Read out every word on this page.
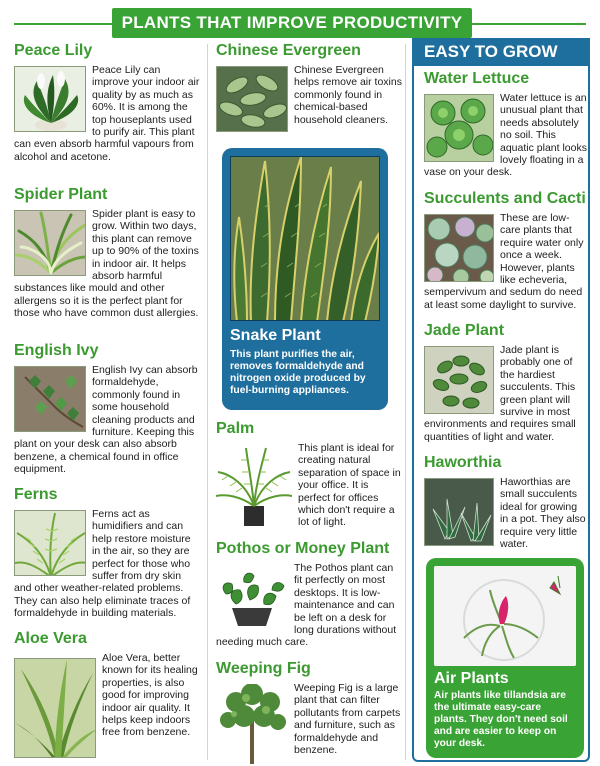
PLANTS THAT IMPROVE PRODUCTIVITY
Peace Lily
Peace Lily can improve your indoor air quality by as much as 60%. It is among the top houseplants used to purify air. This plant can even absorb harmful vapours from alcohol and acetone.
Spider Plant
Spider plant is easy to grow. Within two days, this plant can remove up to 90% of the toxins in indoor air. It helps absorb harmful substances like mould and other allergens so it is the perfect plant for those who have common dust allergies.
English Ivy
English Ivy can absorb formaldehyde, commonly found in some household cleaning products and furniture. Keeping this plant on your desk can also absorb benzene, a chemical found in office equipment.
Ferns
Ferns act as humidifiers and can help restore moisture in the air, so they are perfect for those who suffer from dry skin and other weather-related problems. They can also help eliminate traces of formaldehyde in building materials.
Aloe Vera
Aloe Vera, better known for its healing properties, is also good for improving indoor air quality. It helps keep indoors free from benzene.
Chinese Evergreen
Chinese Evergreen helps remove air toxins commonly found in chemical-based household cleaners.
Palm
This plant is ideal for creating natural separation of space in your office. It is perfect for offices which don't require a lot of light.
Pothos or Money Plant
The Pothos plant can fit perfectly on most desktops. It is low-maintenance and can be left on a desk for long durations without needing much care.
Weeping Fig
Weeping Fig is a large plant that can filter pollutants from carpets and furniture, such as formaldehyde and benzene.
Snake Plant

This plant purifies the air, removes formaldehyde and nitrogen oxide produced by fuel-burning appliances.

EASY TO GROW
Water Lettuce
Water lettuce is an unusual plant that needs absolutely no soil. This aquatic plant looks lovely floating in a vase on your desk.
Succulents and Cacti
These are low-care plants that require water only once a week. However, plants like echeveria, sempervivum and sedum do need at least some daylight to survive.
Jade Plant
Jade plant is probably one of the hardiest succulents. This green plant will survive in most environments and requires small quantities of light and water.
Haworthia
Haworthias are small succulents ideal for growing in a pot. They also require very little water.
Air Plants

Air plants like tillandsia are the ultimate easy-care plants. They don't need soil and are easier to keep on your desk.
